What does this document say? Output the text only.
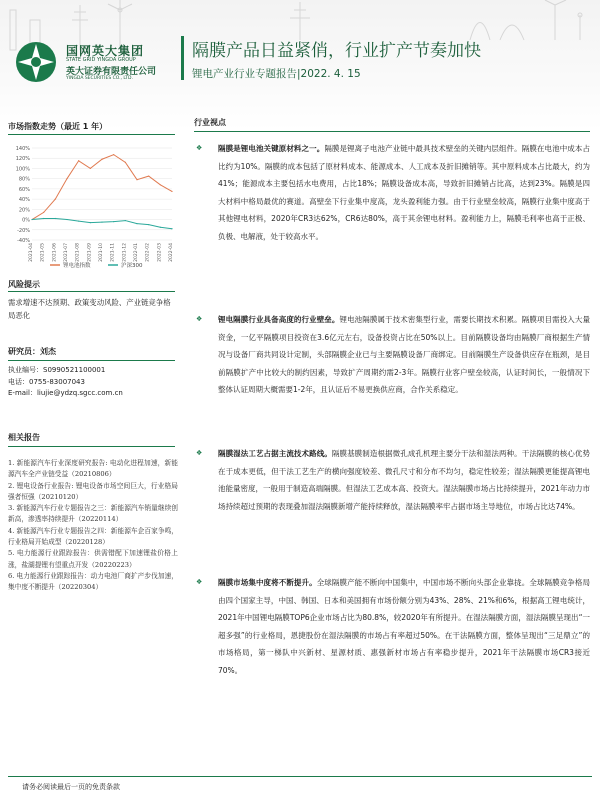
国网英大集团
STATE GRID YINGDA GROUP
英大证券有限责任公司
YINGDA SECURITIES CO., LTD.
隔膜产品日益紧俏，行业扩产节奏加快
锂电产业行业专题报告|2022. 4. 15
市场指数走势（最近 1 年）
140%
120%
100%
80%
60%
40%
20%
0%
-20%
-40%
2021-04 2021-05 2021-06 2021-07 2021-08 2021-09 2021-10 2021-11 2021-12 2022-01 2022-02 2022-03 2022-04
锂电池指数	沪深300
风险提示
需求增速不达预期、政策变动风险、产业链竞争格局恶化
研究员：刘杰
执业编号：S0990521100001
电话：0755-83007043
E-mail：liujie@ydzq.sgcc.com.cn
相关报告
1. 新能源汽车行业深度研究报告: 电动化进程加速，新能源汽车全产业链受益（20210806）
2. 锂电设备行业报告: 锂电设备市场空间巨大，行业格局强者恒强（20210120）
3. 新能源汽车行业专题报告之三：新能源汽车销量继续创新高，渗透率持续提升（20220114）
4. 新能源汽车行业专题报告之四：新能源车企百家争鸣，行业格局开始成型（20220128）
5. 电力能源行业跟踪报告：供需错配下加速锂盐价格上涨，盐湖提锂有望重点开发（20220223）
6. 电力能源行业跟踪报告：动力电池厂商扩产步伐加速，集中度不断提升（20220304）
行业视点
❖	隔膜是锂电池关键原材料之一。隔膜是锂离子电池产业链中最具技术壁垒的关键内层组件。隔膜在电池中成本占比约为10%。隔膜的成本包括了原材料成本、能源成本、人工成本及折旧摊销等。其中原料成本占比最大，约为41%；能源成本主要包括水电费用，占比18%；隔膜设备成本高，导致折旧摊销占比高，达到23%。隔膜是四大材料中格局最优的赛道。高壁垒下行业集中度高，龙头盈利能力强。由于行业壁垒较高，隔膜行业集中度高于其他锂电材料，2020年CR3达62%，CR6达80%，高于其余锂电材料。盈利能力上，隔膜毛利率也高于正极、负极、电解液，处于较高水平。

❖	锂电隔膜行业具备高度的行业壁垒。锂电池隔膜属于技术密集型行业，需要长期技术积累。隔膜项目需投入大量资金，一亿平隔膜项目投资在3.6亿元左右，设备投资占比在50%以上。目前隔膜设备均由隔膜厂商根据生产情况与设备厂商共同设计定制，头部隔膜企业已与主要隔膜设备厂商绑定。目前隔膜生产设备供应存在瓶颈，是目前隔膜扩产中比较大的制约因素，导致扩产周期约需2-3年。隔膜行业客户壁垒较高，认证时间长，一般情况下整体认证周期大概需要1-2年，且认证后不易更换供应商，合作关系稳定。

❖	隔膜湿法工艺占据主流技术路线。隔膜基膜制造根据微孔成孔机理主要分干法和湿法两种。干法隔膜的核心优势在于成本更低，但干法工艺生产的横向强度较差、微孔尺寸和分布不均匀，稳定性较差；湿法隔膜更能提高锂电池能量密度，一般用于制造高端隔膜。但湿法工艺成本高、投资大。湿法隔膜市场占比持续提升，2021年动力市场持续超过预期的表现叠加湿法隔膜新增产能持续释放，湿法隔膜率牢占据市场主导地位，市场占比达74%。

❖	隔膜市场集中度将不断提升。全球隔膜产能不断向中国集中，中国市场不断向头部企业靠拢。全球隔膜竞争格局由四个国家主导，中国、韩国、日本和美国拥有市场份额分别为43%、28%、21%和6%，根据高工锂电统计，2021年中国锂电隔膜TOP6企业市场占比为80.8%，较2020年有所提升。在湿法隔膜方面，湿法隔膜呈现出“一超多强”的行业格局，恩捷股份在湿法隔膜的市场占有率超过50%。在干法隔膜方面，整体呈现出“三足鼎立”的市场格局，第一梯队中兴新材、星源材质、惠强新材市场占有率稳步提升，2021年干法隔膜市场CR3接近70%。

请务必阅读最后一页的免责条款
